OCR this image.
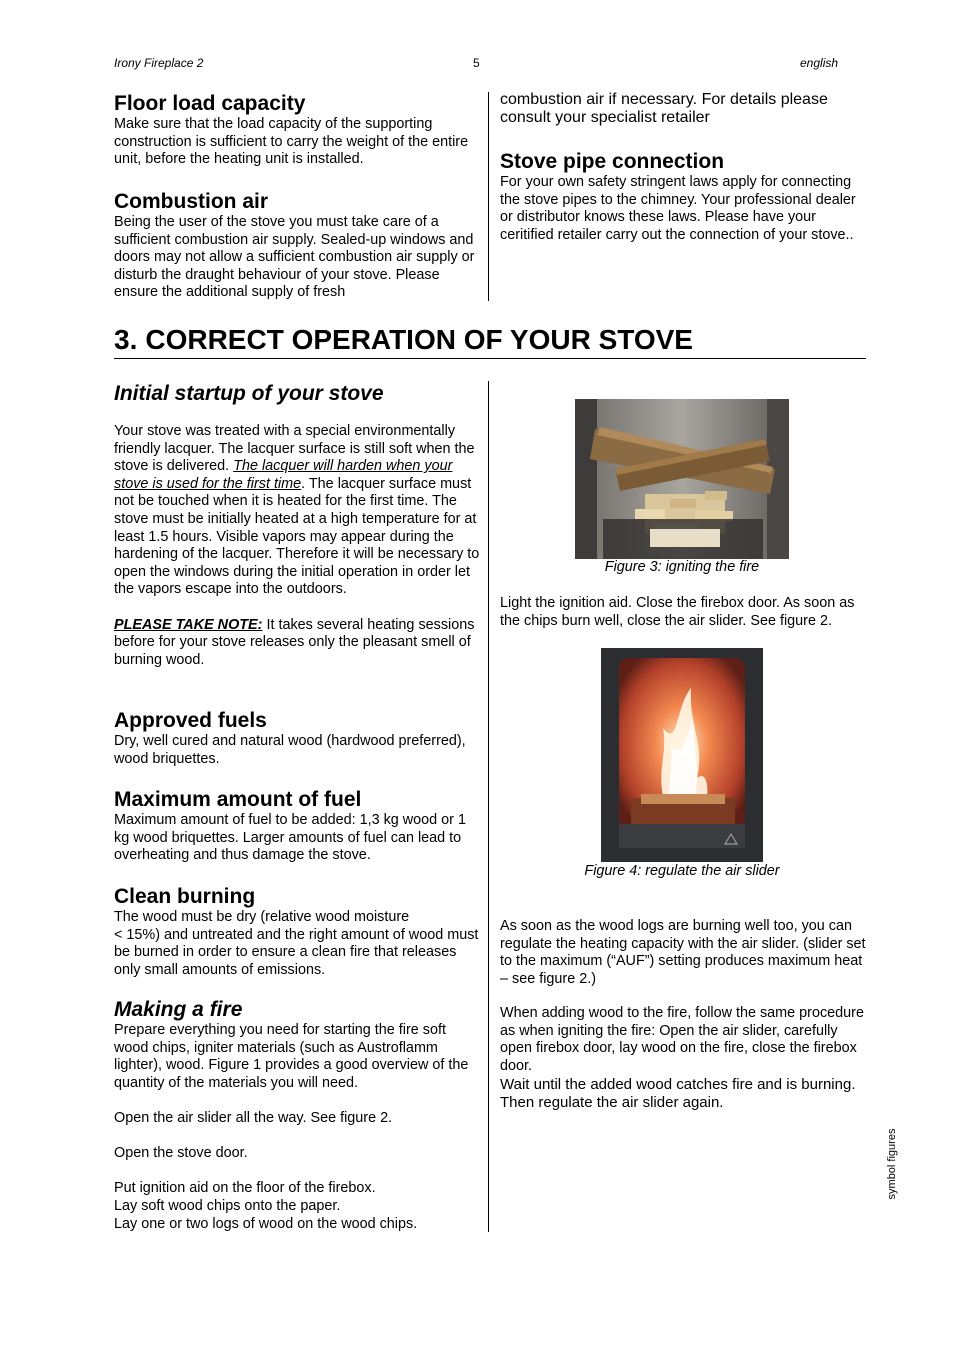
Irony Fireplace 2	5	english
Floor load capacity

Make sure that the load capacity of the supporting construction is sufficient to carry the weight of the entire unit, before the heating unit is installed.

Combustion air

Being the user of the stove you must take care of a sufficient combustion air supply. Sealed-up windows and doors may not allow a sufficient combustion air supply or disturb the draught behaviour of your stove. Please ensure the additional supply of fresh

combustion air if necessary. For details please consult your specialist retailer
Stove pipe connection

For your own safety stringent laws apply for connecting the stove pipes to the chimney. Your professional dealer or distributor knows these laws. Please have your ceritified retailer carry out the connection of your stove..

3. CORRECT OPERATION OF YOUR STOVE
Initial startup of your stove

Your stove was treated with a special environmentally friendly lacquer. The lacquer surface is still soft when the stove is delivered. The lacquer will harden when your stove is used for the first time. The lacquer surface must not be touched when it is heated for the first time. The stove must be initially heated at a high temperature for at least 1.5 hours. Visible vapors may appear during the hardening of the lacquer. Therefore it will be necessary to open the windows during the initial operation in order let the vapors escape into the outdoors.

PLEASE TAKE NOTE: It takes several heating sessions before for your stove releases only the pleasant smell of burning wood.

Approved fuels

Dry, well cured and natural wood (hardwood preferred), wood briquettes.

Maximum amount of fuel

Maximum amount of fuel to be added: 1,3 kg wood or 1 kg wood briquettes. Larger amounts of fuel can lead to overheating and thus damage the stove.

Clean burning

The wood must be dry (relative wood moisture

< 15%) and untreated and the right amount of wood must be burned in order to ensure a clean fire that releases only small amounts of emissions.

Making a fire

Prepare everything you need for starting the fire soft wood chips, igniter materials (such as Austroflamm lighter), wood. Figure 1 provides a good overview of the quantity of the materials you will need.

Open the air slider all the way. See figure 2.

Open the stove door.

Put ignition aid on the floor of the firebox.

Lay soft wood chips onto the paper.

Lay one or two logs of wood on the wood chips.

Figure 3: igniting the fire

Light the ignition aid. Close the firebox door. As soon as the chips burn well, close the air slider. See figure 2.

Figure 4: regulate the air slider

As soon as the wood logs are burning well too, you can regulate the heating capacity with the air slider. (slider set to the maximum (“AUF”) setting produces maximum heat – see figure 2.)

When adding wood to the fire, follow the same procedure as when igniting the fire: Open the air slider, carefully open firebox door, lay wood on the fire, close the firebox door.

Wait until the added wood catches fire and is burning. Then regulate the air slider again.

symbol figures
